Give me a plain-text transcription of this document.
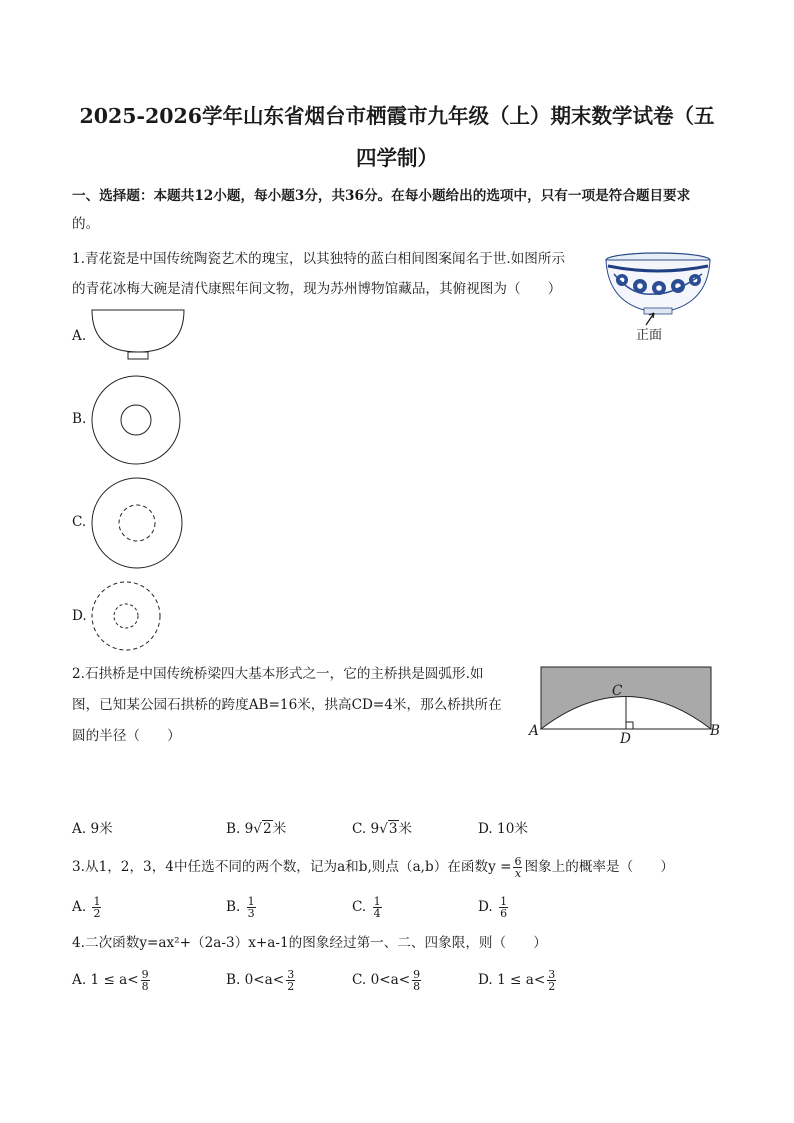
2025-2026学年山东省烟台市栖霞市九年级（上）期末数学试卷（五
四学制）
一、选择题：本题共12小题，每小题3分，共36分。在每小题给出的选项中，只有一项是符合题目要求
的。
1.青花瓷是中国传统陶瓷艺术的瑰宝，以其独特的蓝白相间图案闻名于世.如图所示
的青花冰梅大碗是清代康熙年间文物，现为苏州博物馆藏品，其俯视图为（　　）
正面
A.
B.
C.
D.
2.石拱桥是中国传统桥梁四大基本形式之一，它的主桥拱是圆弧形.如
图，已知某公园石拱桥的跨度AB=16米，拱高CD=4米，那么桥拱所在
圆的半径（　　）	A	B
C
D
A. 9米	B. 9√2米	C. 9√3米	D. 10米
3.从1，2，3，4中任选不同的两个数，记为a和b,则点（a,b）在函数$y = \frac{6}{x}$ 图象上的概率是（　　）
A. $\frac{1}{2}$	B. $\frac{1}{3}$	C. $\frac{1}{4}$	D. $\frac{1}{6}$
4.二次函数y=ax²+（2a-3）x+a-1的图象经过第一、二、四象限，则（　　）
A. $1 \le a< \frac{9}{8}$	B. $0<a< \frac{3}{2}$	C. $0<a< \frac{9}{8}$	D. $1 \le a< \frac{3}{2}$
